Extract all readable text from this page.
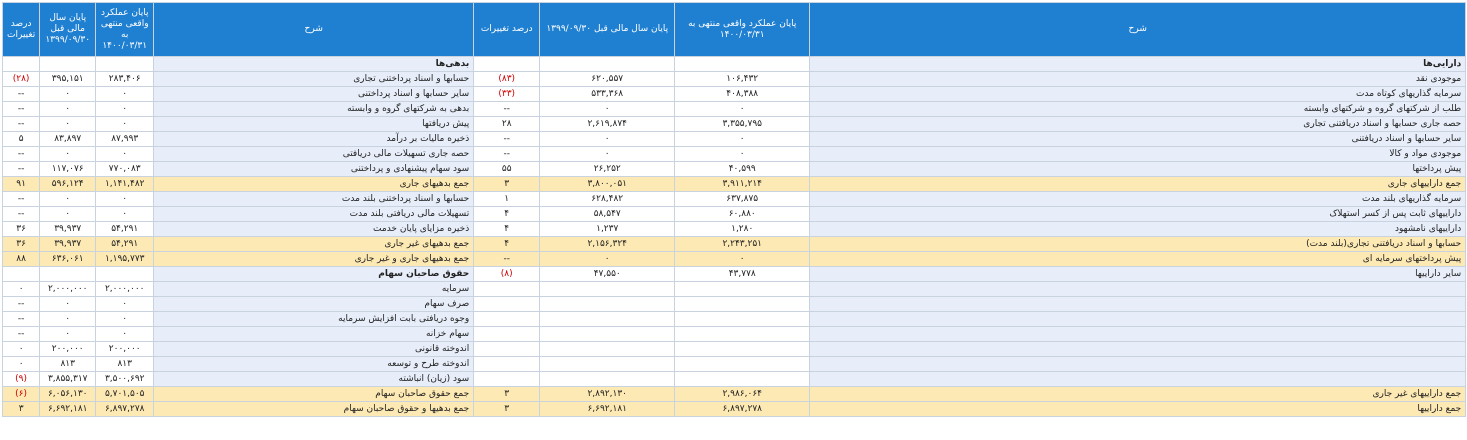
درصد تغییرات	پایان سال مالی قبل ۱۳۹۹/۰۹/۳۰	پایان عملکرد واقعی منتهی به ۱۴۰۰/۰۳/۳۱	شرح	درصد تغییرات	پایان سال مالی قبل ۱۳۹۹/۰۹/۳۰	پایان عملکرد واقعی منتهی به ۱۴۰۰/۰۳/۳۱	شرح
			بدهی‌ها				دارایی‌ها
(۲۸)	۳۹۵,۱۵۱	۲۸۳,۴۰۶	حسابها و اسناد پرداختنی تجاری	(۸۳)	۶۲۰,۵۵۷	۱۰۶,۴۳۲	موجودی نقد
--	۰	۰	سایر حسابها و اسناد پرداختنی	(۳۳)	۵۳۳,۳۶۸	۴۰۸,۳۸۸	سرمایه گذاریهای کوتاه مدت
--	۰	۰	بدهی به شرکتهای گروه و وابسته	--	۰	۰	طلب از شرکتهای گروه و شرکتهای وابسته
--	۰	۰	پیش دریافتها	۲۸	۲,۶۱۹,۸۷۴	۳,۳۵۵,۷۹۵	حصه جاری حسابها و اسناد دریافتنی تجاری
۵	۸۳,۸۹۷	۸۷,۹۹۳	ذخیره مالیات بر درآمد	--	۰	۰	سایر حسابها و اسناد دریافتنی
--	۰	۰	حصه جاری تسهیلات مالی دریافتی	--	۰	۰	موجودی مواد و کالا
--	۱۱۷,۰۷۶	۷۷۰,۰۸۳	سود سهام پیشنهادی و پرداختنی	۵۵	۲۶,۲۵۲	۴۰,۵۹۹	پیش پرداختها
۹۱	۵۹۶,۱۲۴	۱,۱۴۱,۴۸۲	جمع بدهیهای جاری	۳	۳,۸۰۰,۰۵۱	۳,۹۱۱,۲۱۴	جمع داراییهای جاری
--	۰	۰	حسابها و اسناد پرداختنی بلند مدت	۱	۶۲۸,۴۸۲	۶۳۷,۸۷۵	سرمایه گذاریهای بلند مدت
--	۰	۰	تسهیلات مالی دریافتی بلند مدت	۴	۵۸,۵۴۷	۶۰,۸۸۰	داراییهای ثابت پس از کسر استهلاک
۳۶	۳۹,۹۳۷	۵۴,۲۹۱	ذخیره مزایای پایان خدمت	۴	۱,۲۳۷	۱,۲۸۰	داراییهای نامشهود
۳۶	۳۹,۹۳۷	۵۴,۲۹۱	جمع بدهیهای غیر جاری	۴	۲,۱۵۶,۳۲۴	۲,۲۴۳,۲۵۱	حسابها و اسناد دریافتنی تجاری(بلند مدت)
۸۸	۶۳۶,۰۶۱	۱,۱۹۵,۷۷۳	جمع بدهیهای جاری و غیر جاری	--	۰	۰	پیش پرداختهای سرمایه ای
			حقوق صاحبان سهام	(۸)	۴۷,۵۵۰	۴۳,۷۷۸	سایر داراییها
۰	۲,۰۰۰,۰۰۰	۲,۰۰۰,۰۰۰	سرمایه				
--	۰	۰	صرف سهام				
--	۰	۰	وجوه دریافتی بابت افزایش سرمایه				
--	۰	۰	سهام خزانه				
۰	۲۰۰,۰۰۰	۲۰۰,۰۰۰	اندوخته قانونی				
۰	۸۱۳	۸۱۳	اندوخته طرح و توسعه				
(۹)	۳,۸۵۵,۳۱۷	۳,۵۰۰,۶۹۲	سود (زیان) انباشته				
(۶)	۶,۰۵۶,۱۳۰	۵,۷۰۱,۵۰۵	جمع حقوق صاحبان سهام	۳	۲,۸۹۲,۱۳۰	۲,۹۸۶,۰۶۴	جمع داراییهای غیر جاری
۳	۶,۶۹۲,۱۸۱	۶,۸۹۷,۲۷۸	جمع بدهیها و حقوق صاحبان سهام	۳	۶,۶۹۲,۱۸۱	۶,۸۹۷,۲۷۸	جمع داراییها
